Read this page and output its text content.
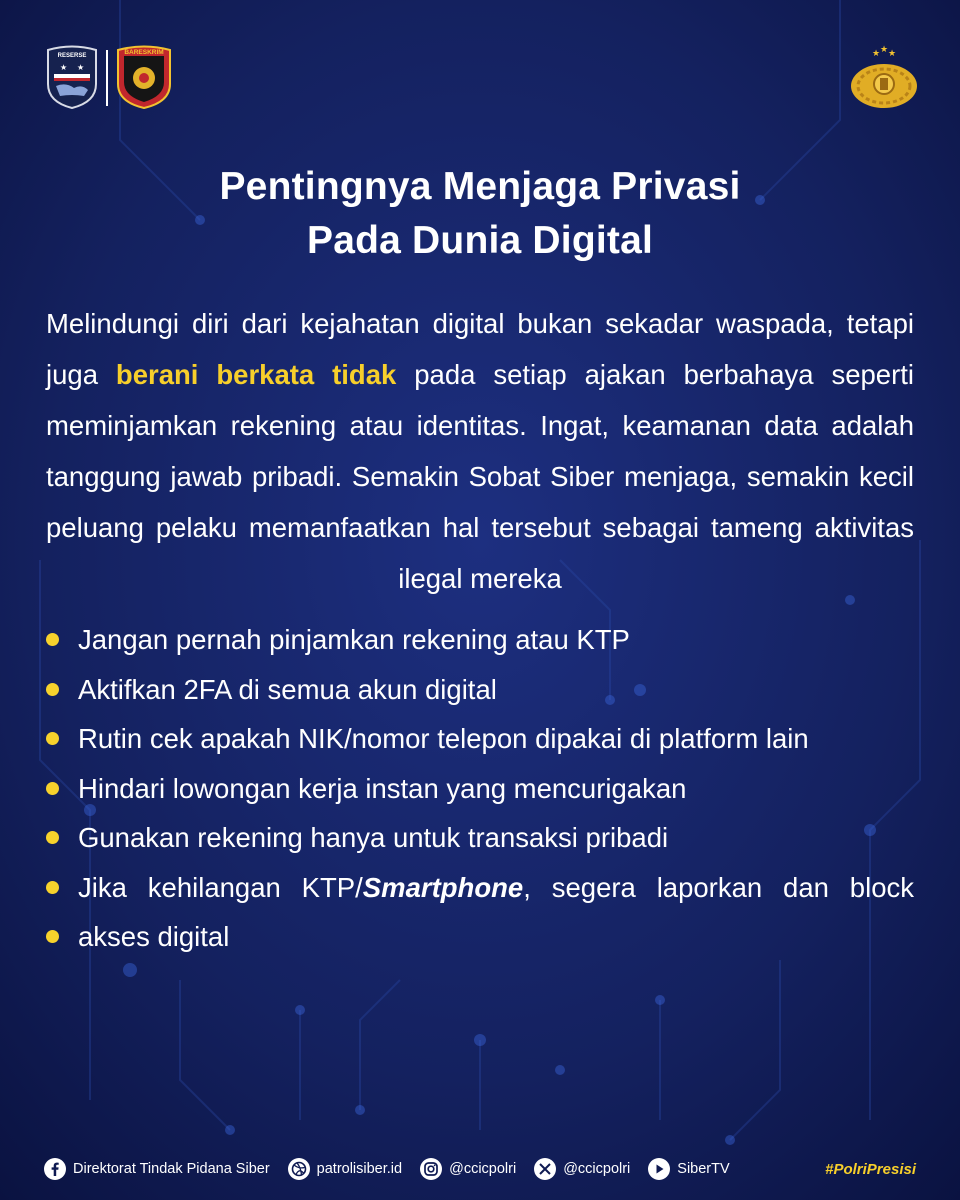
RESERSE
★ ★
BARESKRIM	★ ★ ★
Pentingnya Menjaga Privasi
Pada Dunia Digital

Melindungi diri dari kejahatan digital bukan sekadar waspada, tetapi juga berani berkata tidak pada setiap ajakan berbahaya seperti meminjamkan rekening atau identitas. Ingat, keamanan data adalah tanggung jawab pribadi. Semakin Sobat Siber menjaga, semakin kecil peluang pelaku memanfaatkan hal tersebut sebagai tameng aktivitas ilegal mereka

Jangan pernah pinjamkan rekening atau KTP
Aktifkan 2FA di semua akun digital
Rutin cek apakah NIK/nomor telepon dipakai di platform lain
Hindari lowongan kerja instan yang mencurigakan
Gunakan rekening hanya untuk transaksi pribadi
Jika kehilangan KTP/Smartphone, segera laporkan dan block akses digital
Direktorat Tindak Pidana Siber	patrolisiber.id	@ccicpolri	@ccicpolri	SiberTV	#PolriPresisi
